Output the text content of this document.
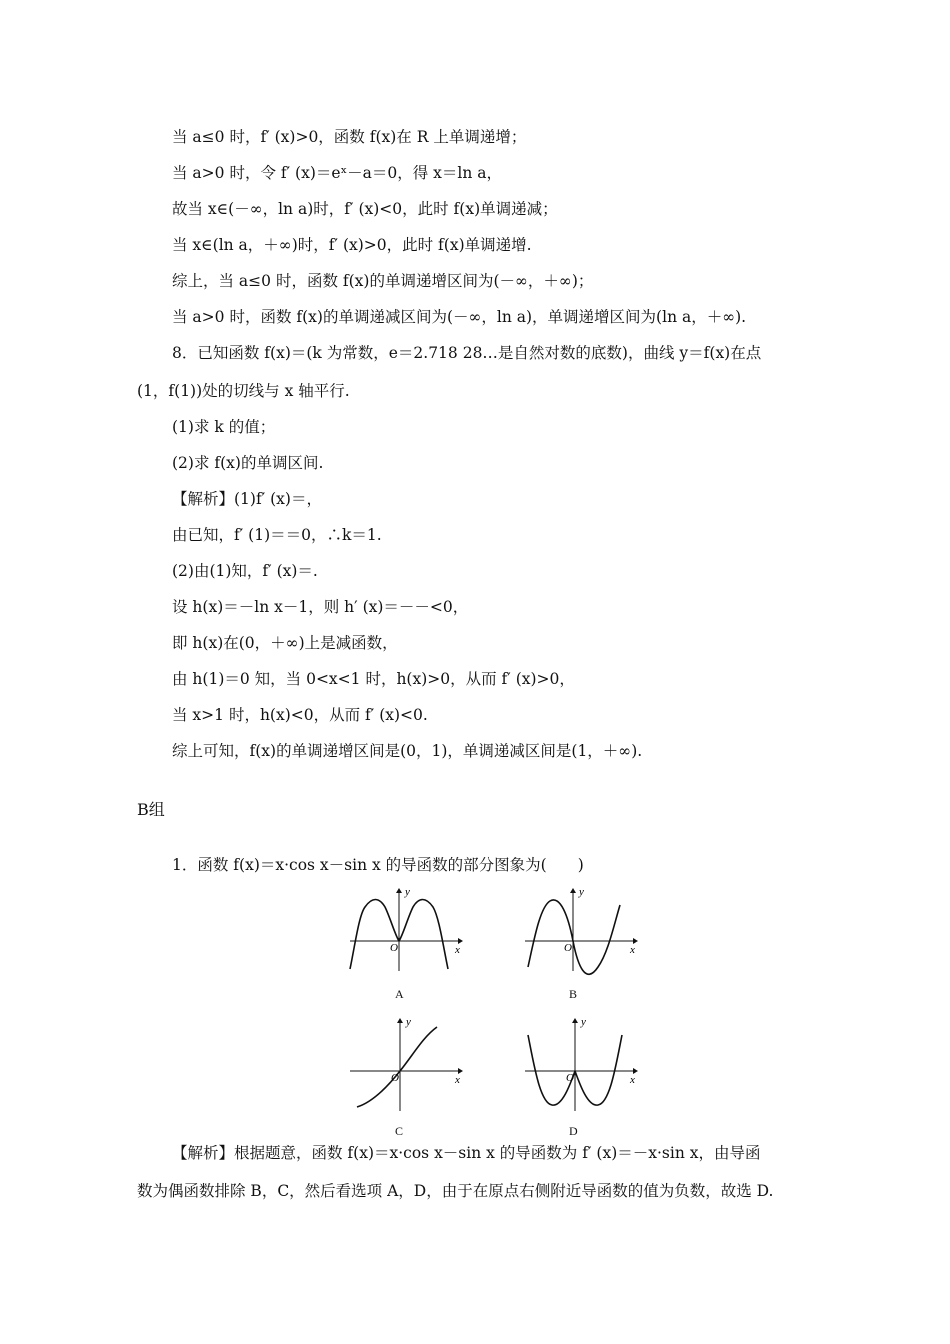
当 a≤0 时，f′ (x)>0，函数 f(x)在 R 上单调递增；
当 a>0 时，令 f′ (x)＝eˣ－a＝0，得 x＝ln a，
故当 x∈(－∞，ln a)时，f′ (x)<0，此时 f(x)单调递减；
当 x∈(ln a，＋∞)时，f′ (x)>0，此时 f(x)单调递增.
综上，当 a≤0 时，函数 f(x)的单调递增区间为(－∞，＋∞)；
当 a>0 时，函数 f(x)的单调递减区间为(－∞，ln a)，单调递增区间为(ln a，＋∞).
8．已知函数 f(x)＝(k 为常数，e＝2.718 28…是自然对数的底数)，曲线 y＝f(x)在点
(1，f(1))处的切线与 x 轴平行.
(1)求 k 的值；
(2)求 f(x)的单调区间.
【解析】(1)f′ (x)＝，
由已知，f′ (1)＝＝0，∴k＝1.
(2)由(1)知，f′ (x)＝.
设 h(x)＝－ln x－1，则 h′ (x)＝－－<0，
即 h(x)在(0，＋∞)上是减函数，
由 h(1)＝0 知，当 0<x<1 时，h(x)>0，从而 f′ (x)>0，
当 x>1 时，h(x)<0，从而 f′ (x)<0.
综上可知，f(x)的单调递增区间是(0，1)，单调递减区间是(1，＋∞).
B组
1．函数 f(x)＝x·cos x－sin x 的导函数的部分图象为(　　)
y
x
O
A
y
x
O
B
y
x
O
C
y
x
O
D
【解析】根据题意，函数 f(x)＝x·cos x－sin x 的导函数为 f′ (x)＝－x·sin x，由导函
数为偶函数排除 B，C，然后看选项 A，D，由于在原点右侧附近导函数的值为负数，故选 D.
